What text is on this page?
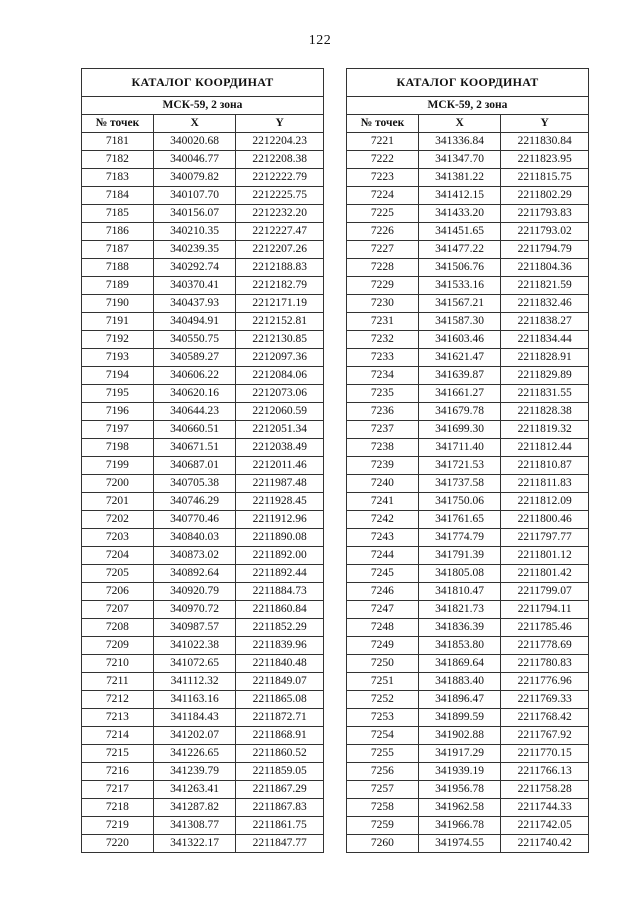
122
КАТАЛОГ КООРДИНАТ		
МСК-59, 2 зона		
№ точек	X	Y
7181	340020.68	2212204.23
7182	340046.77	2212208.38
7183	340079.82	2212222.79
7184	340107.70	2212225.75
7185	340156.07	2212232.20
7186	340210.35	2212227.47
7187	340239.35	2212207.26
7188	340292.74	2212188.83
7189	340370.41	2212182.79
7190	340437.93	2212171.19
7191	340494.91	2212152.81
7192	340550.75	2212130.85
7193	340589.27	2212097.36
7194	340606.22	2212084.06
7195	340620.16	2212073.06
7196	340644.23	2212060.59
7197	340660.51	2212051.34
7198	340671.51	2212038.49
7199	340687.01	2212011.46
7200	340705.38	2211987.48
7201	340746.29	2211928.45
7202	340770.46	2211912.96
7203	340840.03	2211890.08
7204	340873.02	2211892.00
7205	340892.64	2211892.44
7206	340920.79	2211884.73
7207	340970.72	2211860.84
7208	340987.57	2211852.29
7209	341022.38	2211839.96
7210	341072.65	2211840.48
7211	341112.32	2211849.07
7212	341163.16	2211865.08
7213	341184.43	2211872.71
7214	341202.07	2211868.91
7215	341226.65	2211860.52
7216	341239.79	2211859.05
7217	341263.41	2211867.29
7218	341287.82	2211867.83
7219	341308.77	2211861.75
7220	341322.17	2211847.77
КАТАЛОГ КООРДИНАТ		
МСК-59, 2 зона		
№ точек	X	Y
7221	341336.84	2211830.84
7222	341347.70	2211823.95
7223	341381.22	2211815.75
7224	341412.15	2211802.29
7225	341433.20	2211793.83
7226	341451.65	2211793.02
7227	341477.22	2211794.79
7228	341506.76	2211804.36
7229	341533.16	2211821.59
7230	341567.21	2211832.46
7231	341587.30	2211838.27
7232	341603.46	2211834.44
7233	341621.47	2211828.91
7234	341639.87	2211829.89
7235	341661.27	2211831.55
7236	341679.78	2211828.38
7237	341699.30	2211819.32
7238	341711.40	2211812.44
7239	341721.53	2211810.87
7240	341737.58	2211811.83
7241	341750.06	2211812.09
7242	341761.65	2211800.46
7243	341774.79	2211797.77
7244	341791.39	2211801.12
7245	341805.08	2211801.42
7246	341810.47	2211799.07
7247	341821.73	2211794.11
7248	341836.39	2211785.46
7249	341853.80	2211778.69
7250	341869.64	2211780.83
7251	341883.40	2211776.96
7252	341896.47	2211769.33
7253	341899.59	2211768.42
7254	341902.88	2211767.92
7255	341917.29	2211770.15
7256	341939.19	2211766.13
7257	341956.78	2211758.28
7258	341962.58	2211744.33
7259	341966.78	2211742.05
7260	341974.55	2211740.42
